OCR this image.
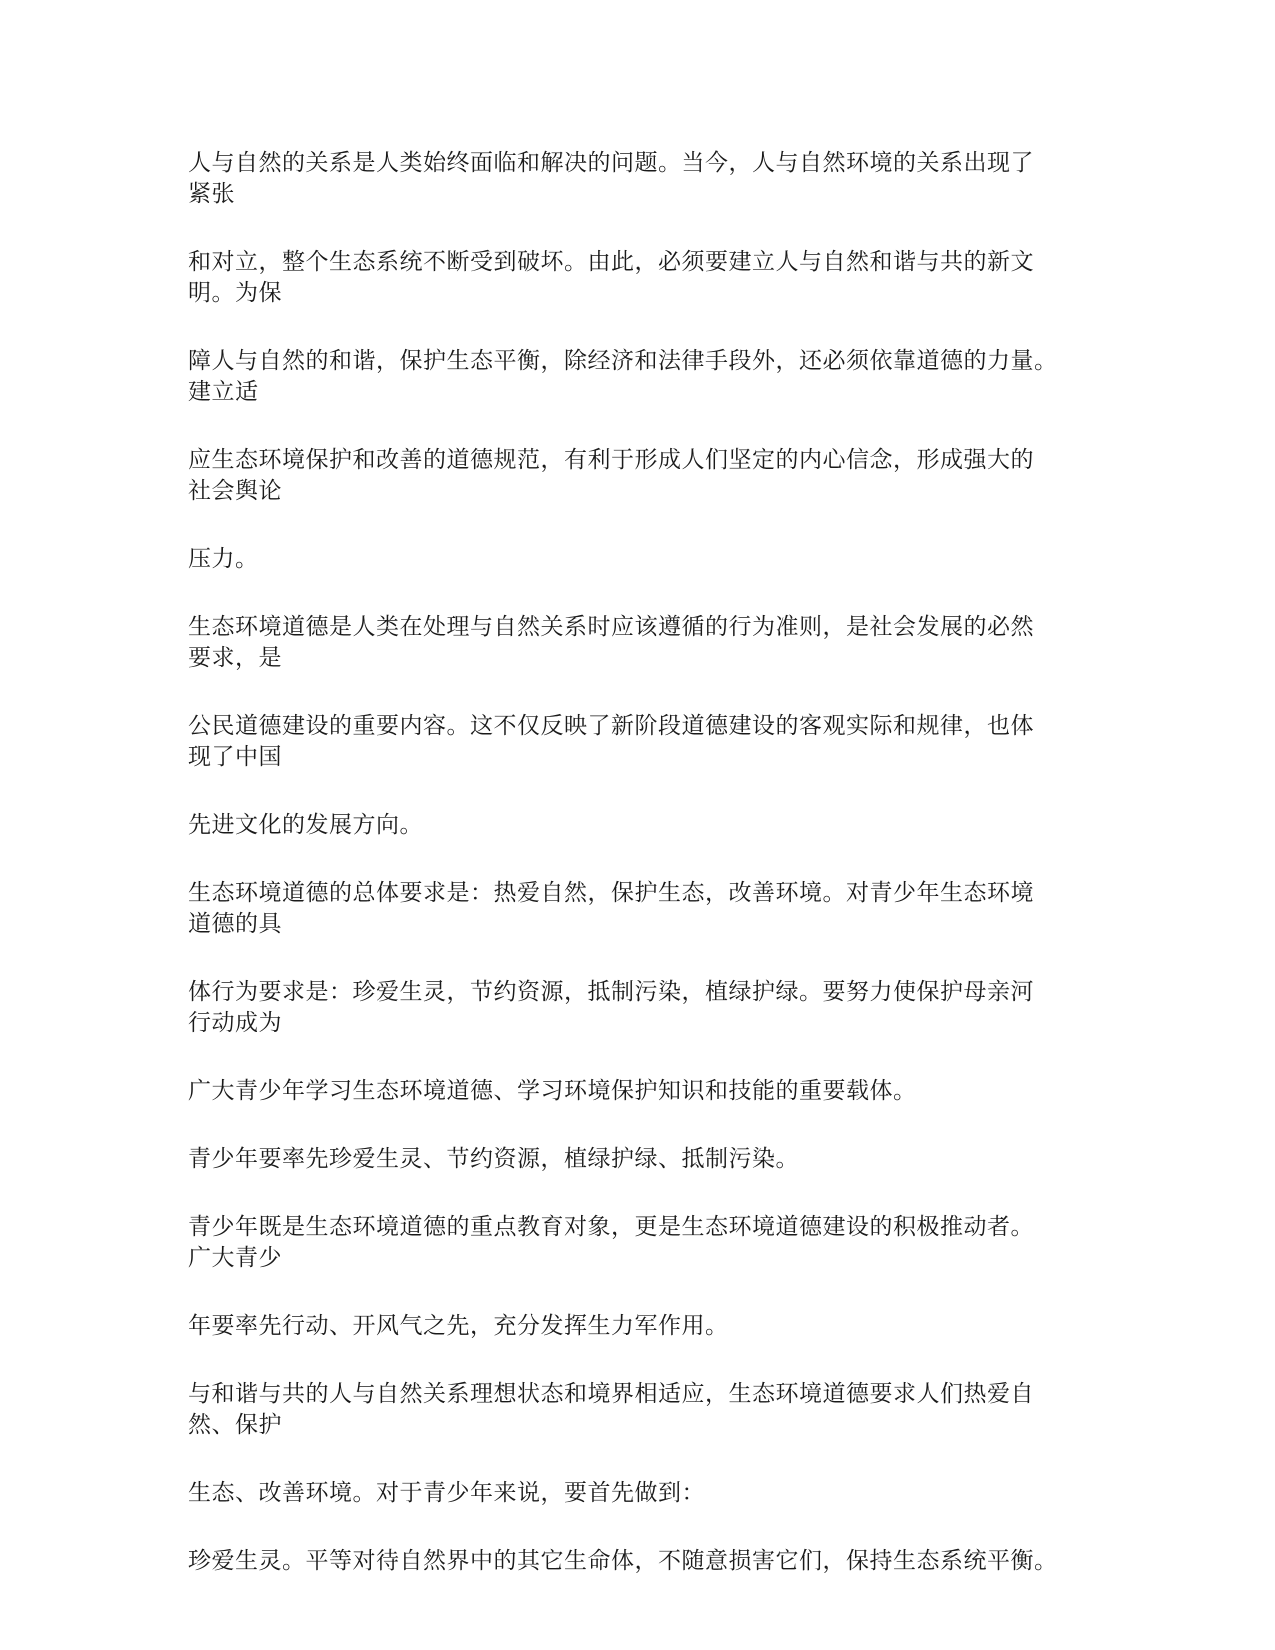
人与自然的关系是人类始终面临和解决的问题。当今，人与自然环境的关系出现了
紧张

和对立，整个生态系统不断受到破坏。由此，必须要建立人与自然和谐与共的新文
明。为保

障人与自然的和谐，保护生态平衡，除经济和法律手段外，还必须依靠道德的力量。
建立适

应生态环境保护和改善的道德规范，有利于形成人们坚定的内心信念，形成强大的
社会舆论

压力。

生态环境道德是人类在处理与自然关系时应该遵循的行为准则，是社会发展的必然
要求，是

公民道德建设的重要内容。这不仅反映了新阶段道德建设的客观实际和规律，也体
现了中国

先进文化的发展方向。

生态环境道德的总体要求是：热爱自然，保护生态，改善环境。对青少年生态环境
道德的具

体行为要求是：珍爱生灵，节约资源，抵制污染，植绿护绿。要努力使保护母亲河
行动成为

广大青少年学习生态环境道德、学习环境保护知识和技能的重要载体。

青少年要率先珍爱生灵、节约资源，植绿护绿、抵制污染。

青少年既是生态环境道德的重点教育对象，更是生态环境道德建设的积极推动者。
广大青少

年要率先行动、开风气之先，充分发挥生力军作用。

与和谐与共的人与自然关系理想状态和境界相适应，生态环境道德要求人们热爱自
然、保护

生态、改善环境。对于青少年来说，要首先做到：

珍爱生灵。平等对待自然界中的其它生命体，不随意损害它们，保持生态系统平衡。
